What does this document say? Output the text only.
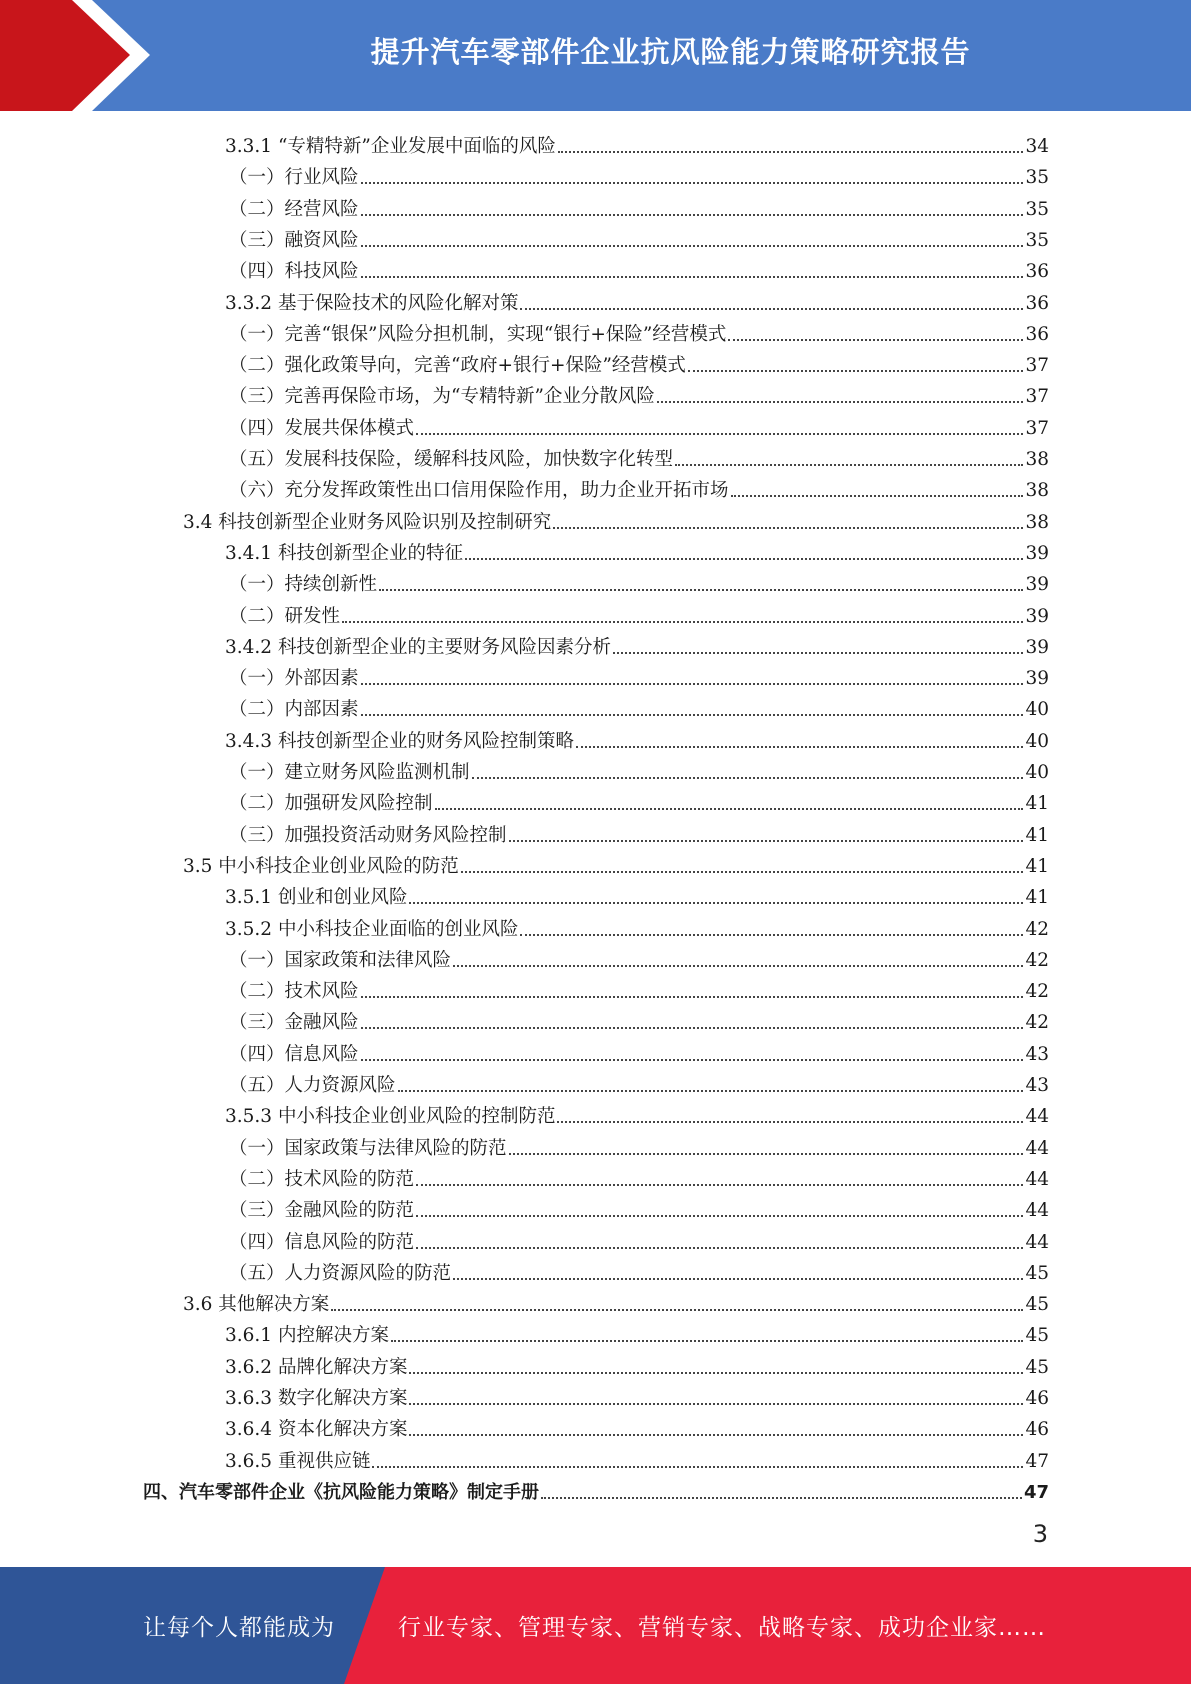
提升汽车零部件企业抗风险能力策略研究报告
3.3.1 “专精特新”企业发展中面临的风险	34
（一）行业风险	35
（二）经营风险	35
（三）融资风险	35
（四）科技风险	36
3.3.2 基于保险技术的风险化解对策	36
（一）完善“银保”风险分担机制，实现“银行+保险”经营模式	36
（二）强化政策导向，完善“政府+银行+保险”经营模式	37
（三）完善再保险市场，为“专精特新”企业分散风险	37
（四）发展共保体模式	37
（五）发展科技保险，缓解科技风险，加快数字化转型	38
（六）充分发挥政策性出口信用保险作用，助力企业开拓市场	38
3.4 科技创新型企业财务风险识别及控制研究	38
3.4.1 科技创新型企业的特征	39
（一）持续创新性	39
（二）研发性	39
3.4.2 科技创新型企业的主要财务风险因素分析	39
（一）外部因素	39
（二）内部因素	40
3.4.3 科技创新型企业的财务风险控制策略	40
（一）建立财务风险监测机制	40
（二）加强研发风险控制	41
（三）加强投资活动财务风险控制	41
3.5 中小科技企业创业风险的防范	41
3.5.1 创业和创业风险	41
3.5.2 中小科技企业面临的创业风险	42
（一）国家政策和法律风险	42
（二）技术风险	42
（三）金融风险	42
（四）信息风险	43
（五）人力资源风险	43
3.5.3 中小科技企业创业风险的控制防范	44
（一）国家政策与法律风险的防范	44
（二）技术风险的防范	44
（三）金融风险的防范	44
（四）信息风险的防范	44
（五）人力资源风险的防范	45
3.6 其他解决方案	45
3.6.1 内控解决方案	45
3.6.2 品牌化解决方案	45
3.6.3 数字化解决方案	46
3.6.4 资本化解决方案	46
3.6.5 重视供应链	47
四、汽车零部件企业《抗风险能力策略》制定手册	47
3
让每个人都能成为	行业专家、管理专家、营销专家、战略专家、成功企业家……
